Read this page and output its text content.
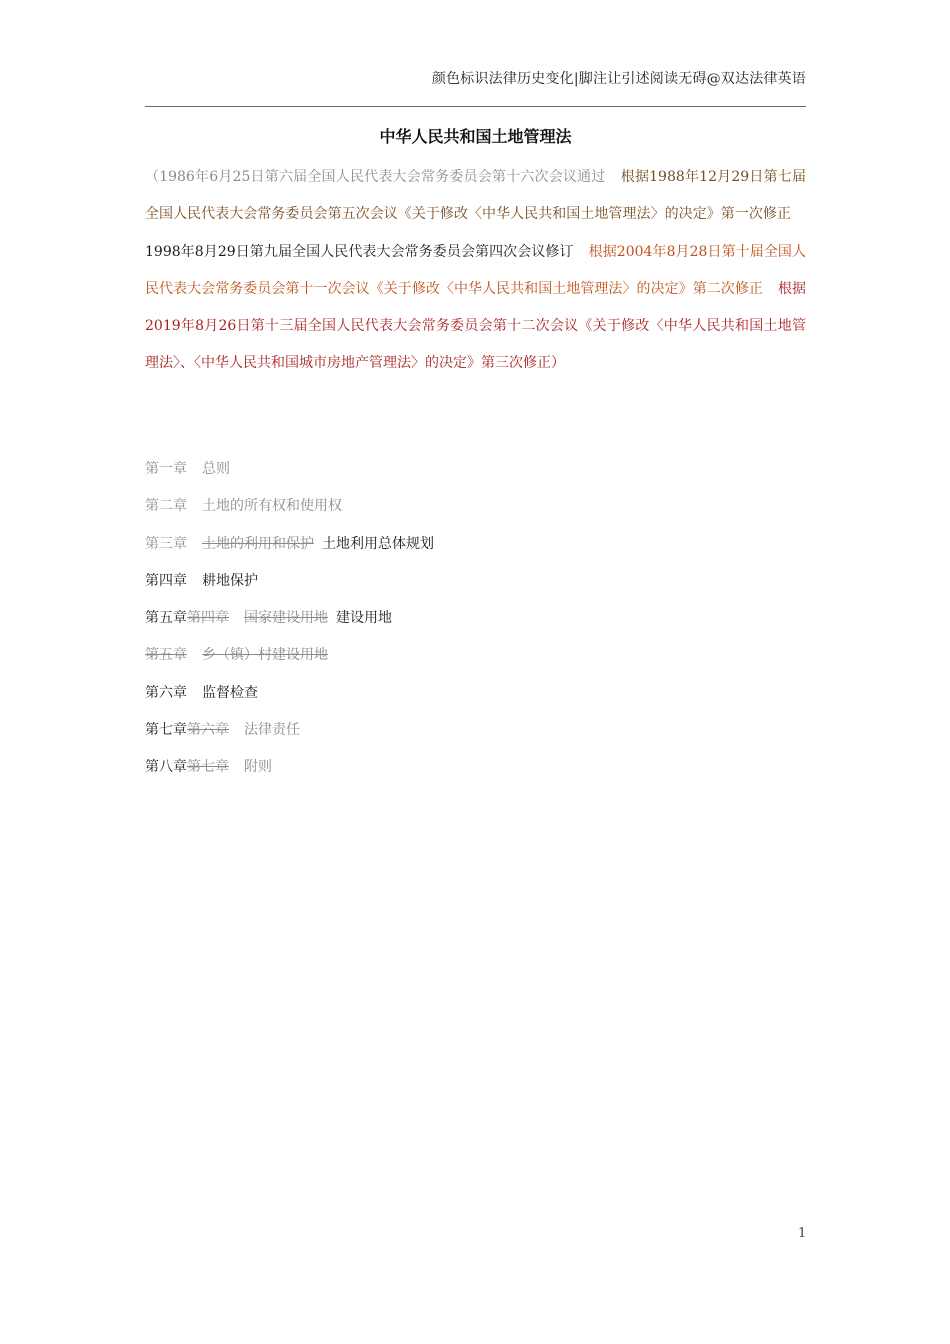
颜色标识法律历史变化|脚注让引述阅读无碍@双达法律英语
中华人民共和国土地管理法
（1986年6月25日第六届全国人民代表大会常务委员会第十六次会议通过 根据1988年12月29日第七届全国人民代表大会常务委员会第五次会议《关于修改〈中华人民共和国土地管理法〉的决定》第一次修正1998年8月29日第九届全国人民代表大会常务委员会第四次会议修订 根据2004年8月28日第十届全国人民代表大会常务委员会第十一次会议《关于修改〈中华人民共和国土地管理法〉的决定》第二次修正 根据2019年8月26日第十三届全国人民代表大会常务委员会第十二次会议《关于修改〈中华人民共和国土地管理法〉、〈中华人民共和国城市房地产管理法〉的决定》第三次修正）
第一章 总则
第二章 土地的所有权和使用权
第三章 土地的利用和保护 土地利用总体规划
第四章 耕地保护
第五章第四章 国家建设用地 建设用地
第五章 乡（镇）村建设用地
第六章 监督检查
第七章第六章 法律责任
第八章第七章 附则
1
